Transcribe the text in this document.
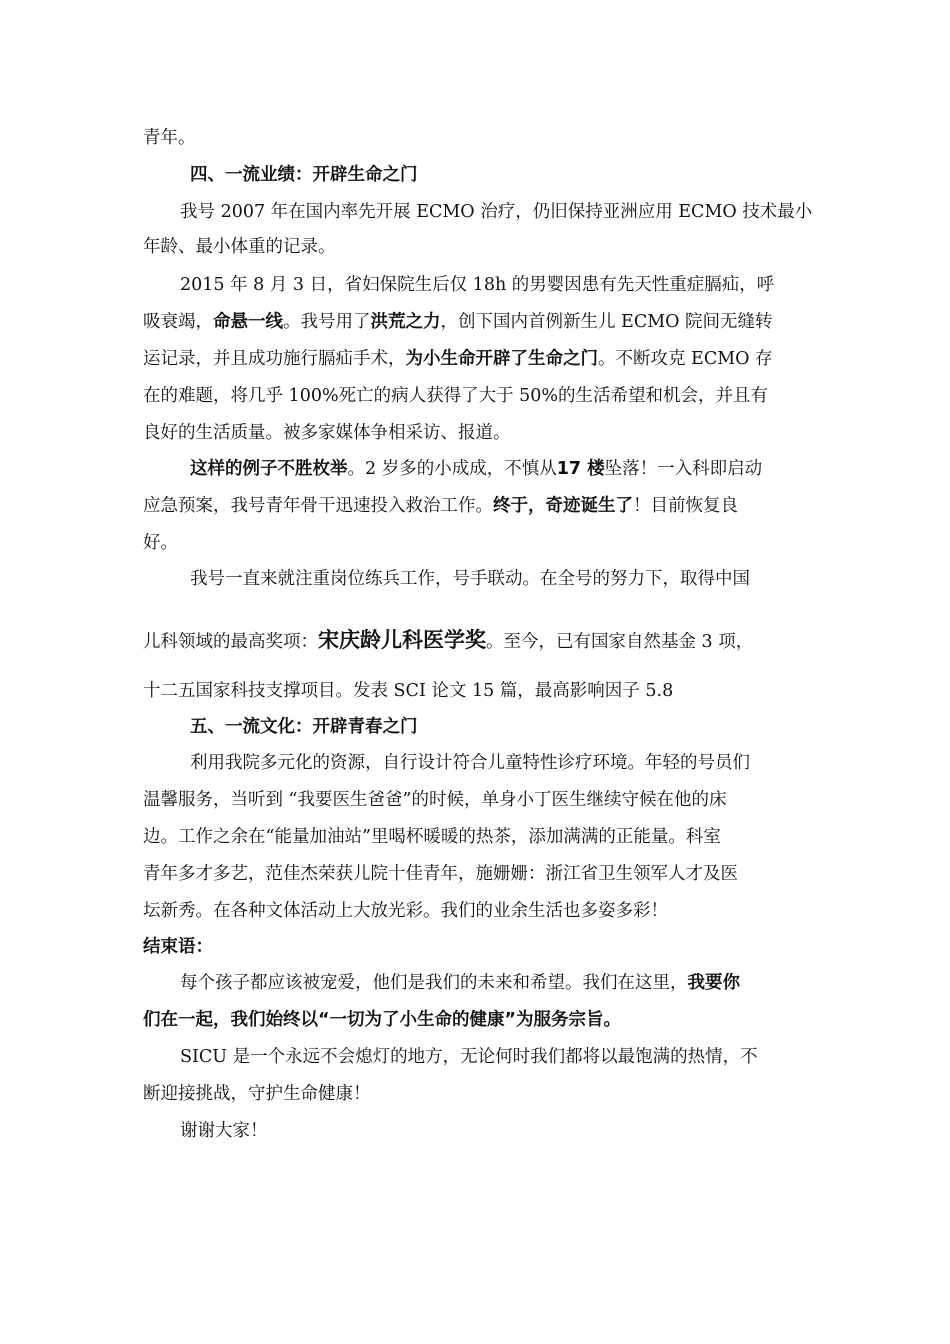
青年。
四、一流业绩：开辟生命之门
我号 2007 年在国内率先开展 ECMO 治疗，仍旧保持亚洲应用 ECMO 技术最小
年龄、最小体重的记录。
2015 年 8 月 3 日，省妇保院生后仅 18h 的男婴因患有先天性重症膈疝，呼
吸衰竭，命悬一线。我号用了洪荒之力，创下国内首例新生儿 ECMO 院间无缝转
运记录，并且成功施行膈疝手术，为小生命开辟了生命之门。不断攻克 ECMO 存
在的难题，将几乎 100%死亡的病人获得了大于 50%的生活希望和机会，并且有
良好的生活质量。被多家媒体争相采访、报道。
这样的例子不胜枚举。2 岁多的小成成，不慎从17 楼坠落！一入科即启动
应急预案，我号青年骨干迅速投入救治工作。终于，奇迹诞生了！目前恢复良
好。
我号一直来就注重岗位练兵工作，号手联动。在全号的努力下，取得中国
儿科领域的最高奖项：宋庆龄儿科医学奖。至今，已有国家自然基金 3 项，
十二五国家科技支撑项目。发表 SCI 论文 15 篇，最高影响因子 5.8
五、一流文化：开辟青春之门
利用我院多元化的资源，自行设计符合儿童特性诊疗环境。年轻的号员们
温馨服务，当听到 “我要医生爸爸”的时候，单身小丁医生继续守候在他的床
边。工作之余在“能量加油站”里喝杯暖暖的热茶，添加满满的正能量。科室
青年多才多艺，范佳杰荣获儿院十佳青年，施姗姗：浙江省卫生领军人才及医
坛新秀。在各种文体活动上大放光彩。我们的业余生活也多姿多彩！
结束语：
每个孩子都应该被宠爱，他们是我们的未来和希望。我们在这里，我要你
们在一起，我们始终以“一切为了小生命的健康”为服务宗旨。
SICU 是一个永远不会熄灯的地方，无论何时我们都将以最饱满的热情，不
断迎接挑战，守护生命健康！
谢谢大家！
